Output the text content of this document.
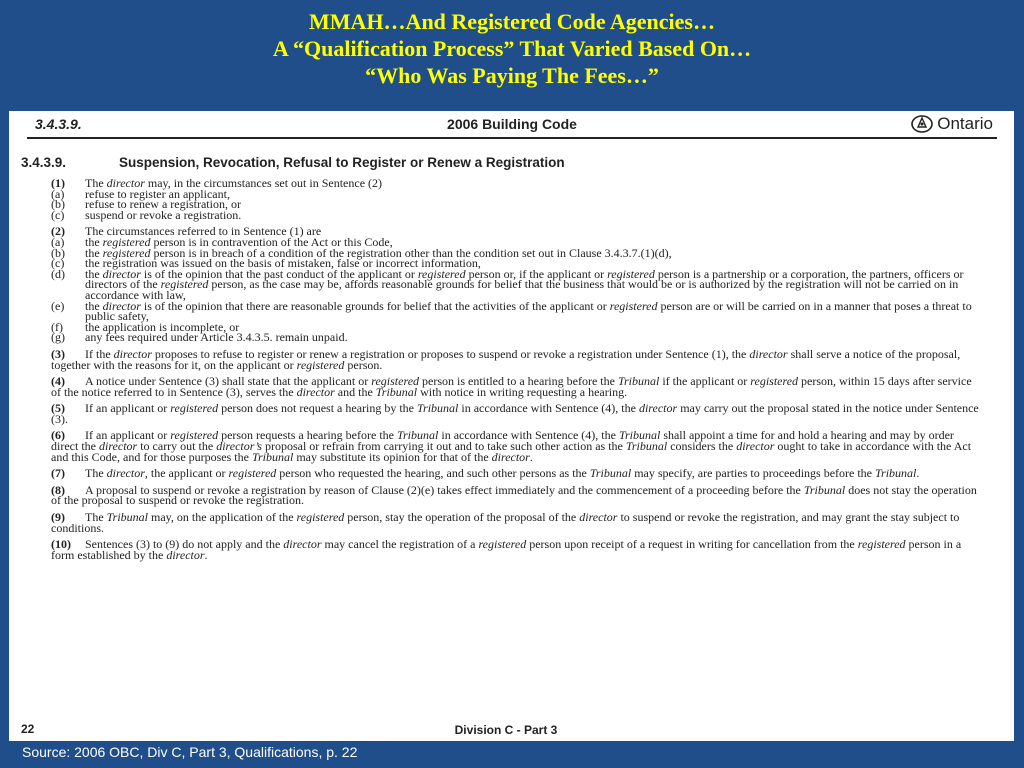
MMAH…And Registered Code Agencies…
A “Qualification Process” That Varied Based On…
“Who Was Paying The Fees…”
3.4.3.9.	2006 Building Code	Ontario
3.4.3.9.	Suspension, Revocation, Refusal to Register or Renew a Registration
(1) The director may, in the circumstances set out in Sentence (2)
(a)	refuse to register an applicant,
(b)	refuse to renew a registration, or
(c)	suspend or revoke a registration.
(2) The circumstances referred to in Sentence (1) are
(a)	the registered person is in contravention of the Act or this Code,
(b)	the registered person is in breach of a condition of the registration other than the condition set out in Clause 3.4.3.7.(1)(d),
(c)	the registration was issued on the basis of mistaken, false or incorrect information,
(d)	the director is of the opinion that the past conduct of the applicant or registered person or, if the applicant or registered person is a partnership or a corporation, the partners, officers or directors of the registered person, as the case may be, affords reasonable grounds for belief that the business that would be or is authorized by the registration will not be carried on in accordance with law,
(e)	the director is of the opinion that there are reasonable grounds for belief that the activities of the applicant or registered person are or will be carried on in a manner that poses a threat to public safety,
(f)	the application is incomplete, or
(g)	any fees required under Article 3.4.3.5. remain unpaid.
(3) If the director proposes to refuse to register or renew a registration or proposes to suspend or revoke a registration under Sentence (1), the director shall serve a notice of the proposal, together with the reasons for it, on the applicant or registered person.
(4) A notice under Sentence (3) shall state that the applicant or registered person is entitled to a hearing before the Tribunal if the applicant or registered person, within 15 days after service of the notice referred to in Sentence (3), serves the director and the Tribunal with notice in writing requesting a hearing.
(5) If an applicant or registered person does not request a hearing by the Tribunal in accordance with Sentence (4), the director may carry out the proposal stated in the notice under Sentence (3).
(6) If an applicant or registered person requests a hearing before the Tribunal in accordance with Sentence (4), the Tribunal shall appoint a time for and hold a hearing and may by order direct the director to carry out the director’s proposal or refrain from carrying it out and to take such other action as the Tribunal considers the director ought to take in accordance with the Act and this Code, and for those purposes the Tribunal may substitute its opinion for that of the director.
(7) The director, the applicant or registered person who requested the hearing, and such other persons as the Tribunal may specify, are parties to proceedings before the Tribunal.
(8) A proposal to suspend or revoke a registration by reason of Clause (2)(e) takes effect immediately and the commencement of a proceeding before the Tribunal does not stay the operation of the proposal to suspend or revoke the registration.
(9) The Tribunal may, on the application of the registered person, stay the operation of the proposal of the director to suspend or revoke the registration, and may grant the stay subject to conditions.
(10) Sentences (3) to (9) do not apply and the director may cancel the registration of a registered person upon receipt of a request in writing for cancellation from the registered person in a form established by the director.
22	Division C - Part 3
Source: 2006 OBC, Div C, Part 3, Qualifications, p. 22
